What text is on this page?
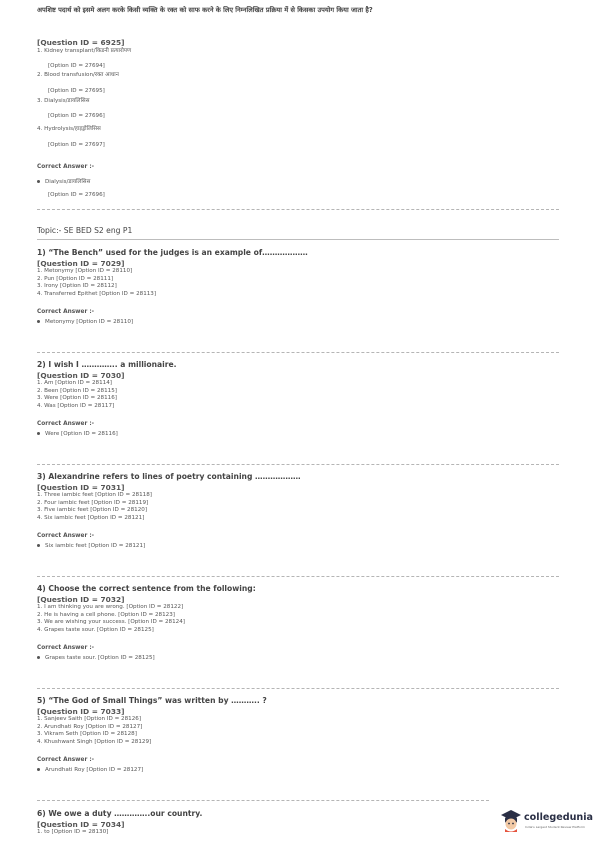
अपशिष्ट पदार्थ को इसमे अलग करके किसी व्यक्ति के रक्त को साफ करने के लिए निम्नलिखित प्रक्रिया में से किसका उपयोग किया जाता है?
[Question ID = 6925]
1. Kidney transplant/किडनी प्रत्यारोपण
[Option ID = 27694]
2. Blood transfusion/रक्त आधान
[Option ID = 27695]
3. Dialysis/डायलिसिस
[Option ID = 27696]
4. Hydrolysis/हाइड्रोलिसिस
[Option ID = 27697]
Correct Answer :-
Dialysis/डायलिसिस
[Option ID = 27696]
Topic:- SE BED S2 eng P1
1) “The Bench” used for the judges is an example of………………
[Question ID = 7029]
1. Metonymy [Option ID = 28110]
2. Pun [Option ID = 28111]
3. Irony [Option ID = 28112]
4. Transferred Epithet [Option ID = 28113]
Correct Answer :-
Metonymy [Option ID = 28110]
2) I wish I ………….. a millionaire.
[Question ID = 7030]
1. Am [Option ID = 28114]
2. Been [Option ID = 28115]
3. Were [Option ID = 28116]
4. Was [Option ID = 28117]
Correct Answer :-
Were [Option ID = 28116]
3) Alexandrine refers to lines of poetry containing ………………
[Question ID = 7031]
1. Three iambic feet [Option ID = 28118]
2. Four iambic feet [Option ID = 28119]
3. Five iambic feet [Option ID = 28120]
4. Six iambic feet [Option ID = 28121]
Correct Answer :-
Six iambic feet [Option ID = 28121]
4) Choose the correct sentence from the following:
[Question ID = 7032]
1. I am thinking you are wrong. [Option ID = 28122]
2. He is having a cell phone. [Option ID = 28123]
3. We are wishing your success. [Option ID = 28124]
4. Grapes taste sour. [Option ID = 28125]
Correct Answer :-
Grapes taste sour. [Option ID = 28125]
5) “The God of Small Things” was written by ……….. ?
[Question ID = 7033]
1. Sanjeev Saith [Option ID = 28126]
2. Arundhati Roy [Option ID = 28127]
3. Vikram Seth [Option ID = 28128]
4. Khushwant Singh [Option ID = 28129]
Correct Answer :-
Arundhati Roy [Option ID = 28127]
6) We owe a duty …………..our country.
[Question ID = 7034]
1. to [Option ID = 28130]
collegedunia
India's Largest Student Review Platform
